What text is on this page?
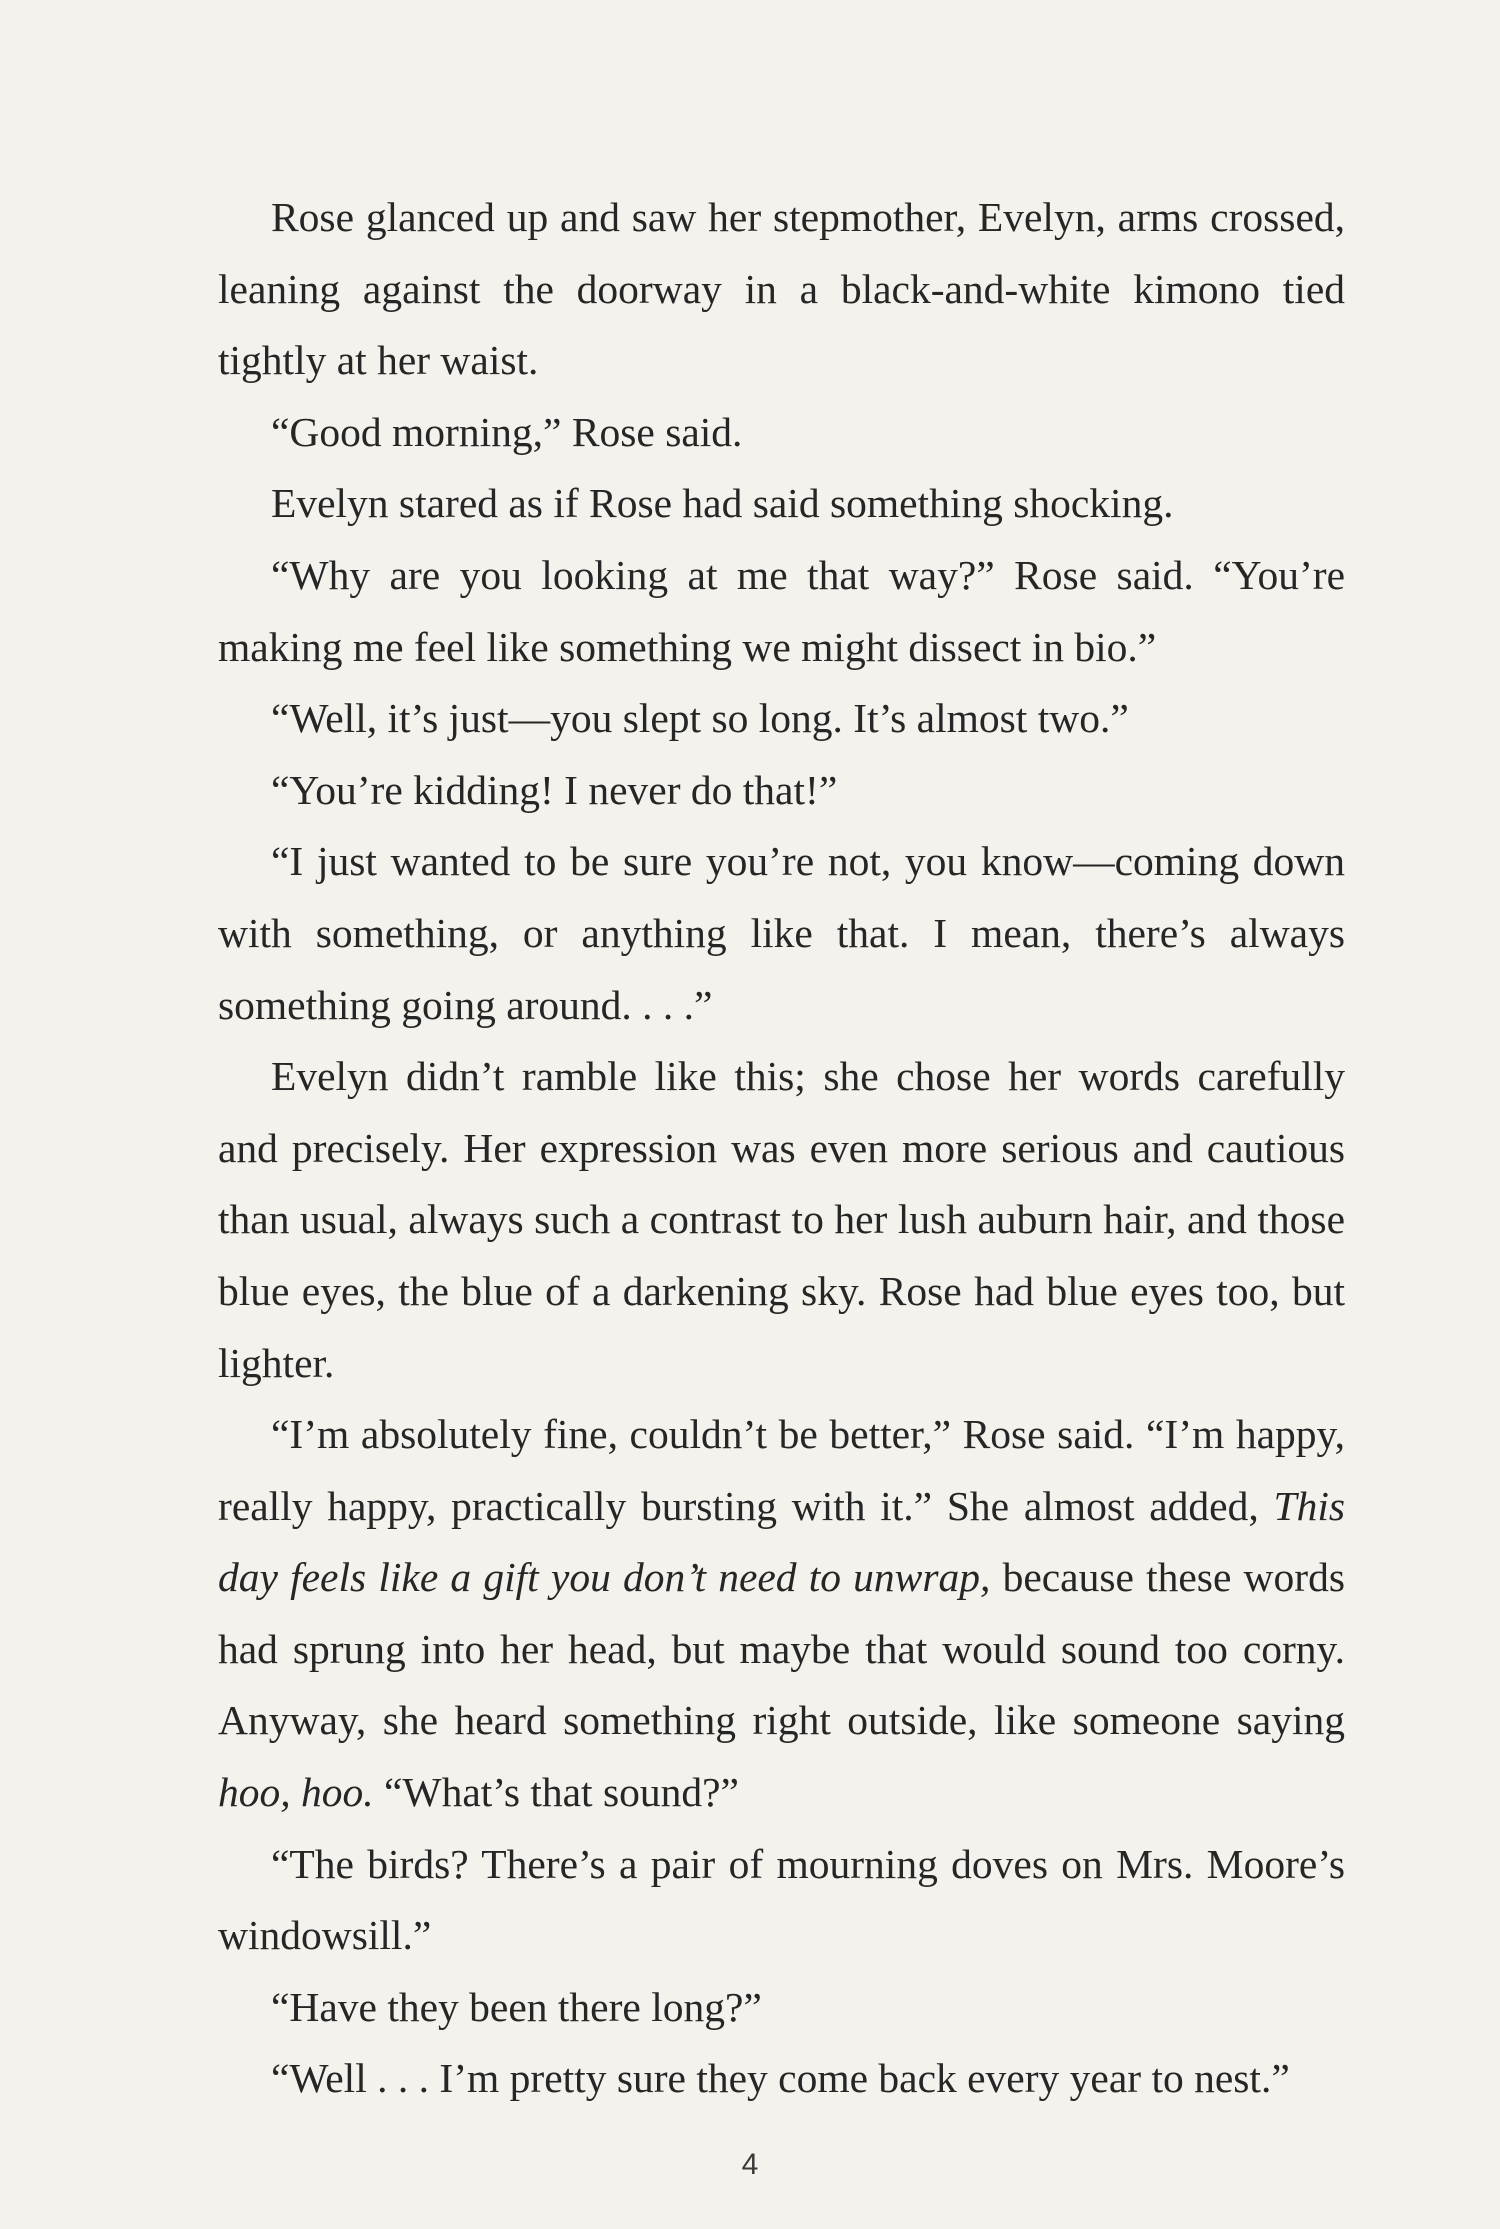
Rose glanced up and saw her stepmother, Evelyn, arms crossed, leaning against the doorway in a black-and-white kimono tied tightly at her waist.

“Good morning,” Rose said.

Evelyn stared as if Rose had said something shocking.

“Why are you looking at me that way?” Rose said. “You’re making me feel like something we might dissect in bio.”

“Well, it’s just—you slept so long. It’s almost two.”

“You’re kidding! I never do that!”

“I just wanted to be sure you’re not, you know—coming down with something, or anything like that. I mean, there’s always something going around. . . .”

Evelyn didn’t ramble like this; she chose her words carefully and precisely. Her expression was even more serious and cautious than usual, always such a contrast to her lush auburn hair, and those blue eyes, the blue of a darkening sky. Rose had blue eyes too, but lighter.

“I’m absolutely fine, couldn’t be better,” Rose said. “I’m happy, really happy, practically bursting with it.” She almost added, This day feels like a gift you don’t need to unwrap, because these words had sprung into her head, but maybe that would sound too corny. Anyway, she heard something right outside, like someone saying hoo, hoo. “What’s that sound?”

“The birds? There’s a pair of mourning doves on Mrs. Moore’s windowsill.”

“Have they been there long?”

“Well . . . I’m pretty sure they come back every year to nest.”

4
